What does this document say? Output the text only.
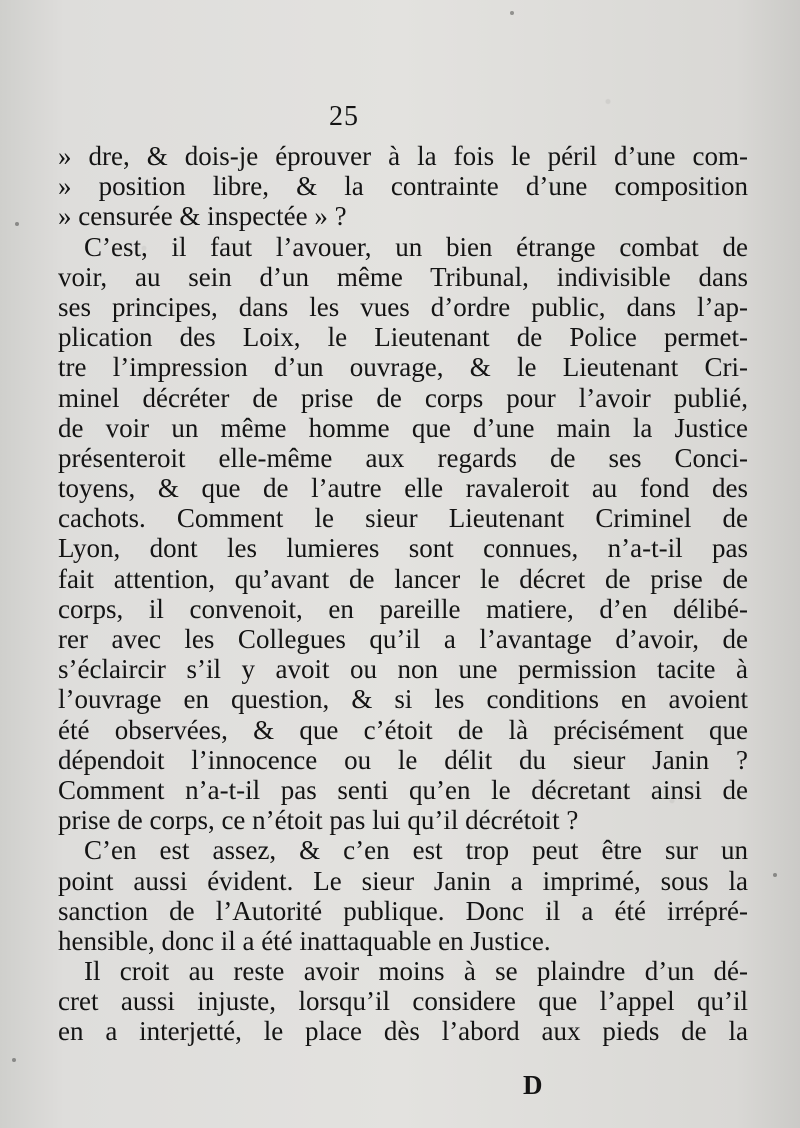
25
» dre, & dois-je éprouver à la fois le péril d’une com-
» position libre, & la contrainte d’une composition
» censurée & inspectée » ?
C’est, il faut l’avouer, un bien étrange combat de
voir, au sein d’un même Tribunal, indivisible dans
ses principes, dans les vues d’ordre public, dans l’ap-
plication des Loix, le Lieutenant de Police permet-
tre l’impression d’un ouvrage, & le Lieutenant Cri-
minel décréter de prise de corps pour l’avoir publié,
de voir un même homme que d’une main la Justice
présenteroit elle-même aux regards de ses Conci-
toyens, & que de l’autre elle ravaleroit au fond des
cachots. Comment le sieur Lieutenant Criminel de
Lyon, dont les lumieres sont connues, n’a-t-il pas
fait attention, qu’avant de lancer le décret de prise de
corps, il convenoit, en pareille matiere, d’en délibé-
rer avec les Collegues qu’il a l’avantage d’avoir, de
s’éclaircir s’il y avoit ou non une permission tacite à
l’ouvrage en question, & si les conditions en avoient
été observées, & que c’étoit de là précisément que
dépendoit l’innocence ou le délit du sieur Janin ?
Comment n’a-t-il pas senti qu’en le décretant ainsi de
prise de corps, ce n’étoit pas lui qu’il décrétoit ?
C’en est assez, & c’en est trop peut être sur un
point aussi évident. Le sieur Janin a imprimé, sous la
sanction de l’Autorité publique. Donc il a été irrépré-
hensible, donc il a été inattaquable en Justice.
Il croit au reste avoir moins à se plaindre d’un dé-
cret aussi injuste, lorsqu’il considere que l’appel qu’il
en a interjetté, le place dès l’abord aux pieds de la
D
